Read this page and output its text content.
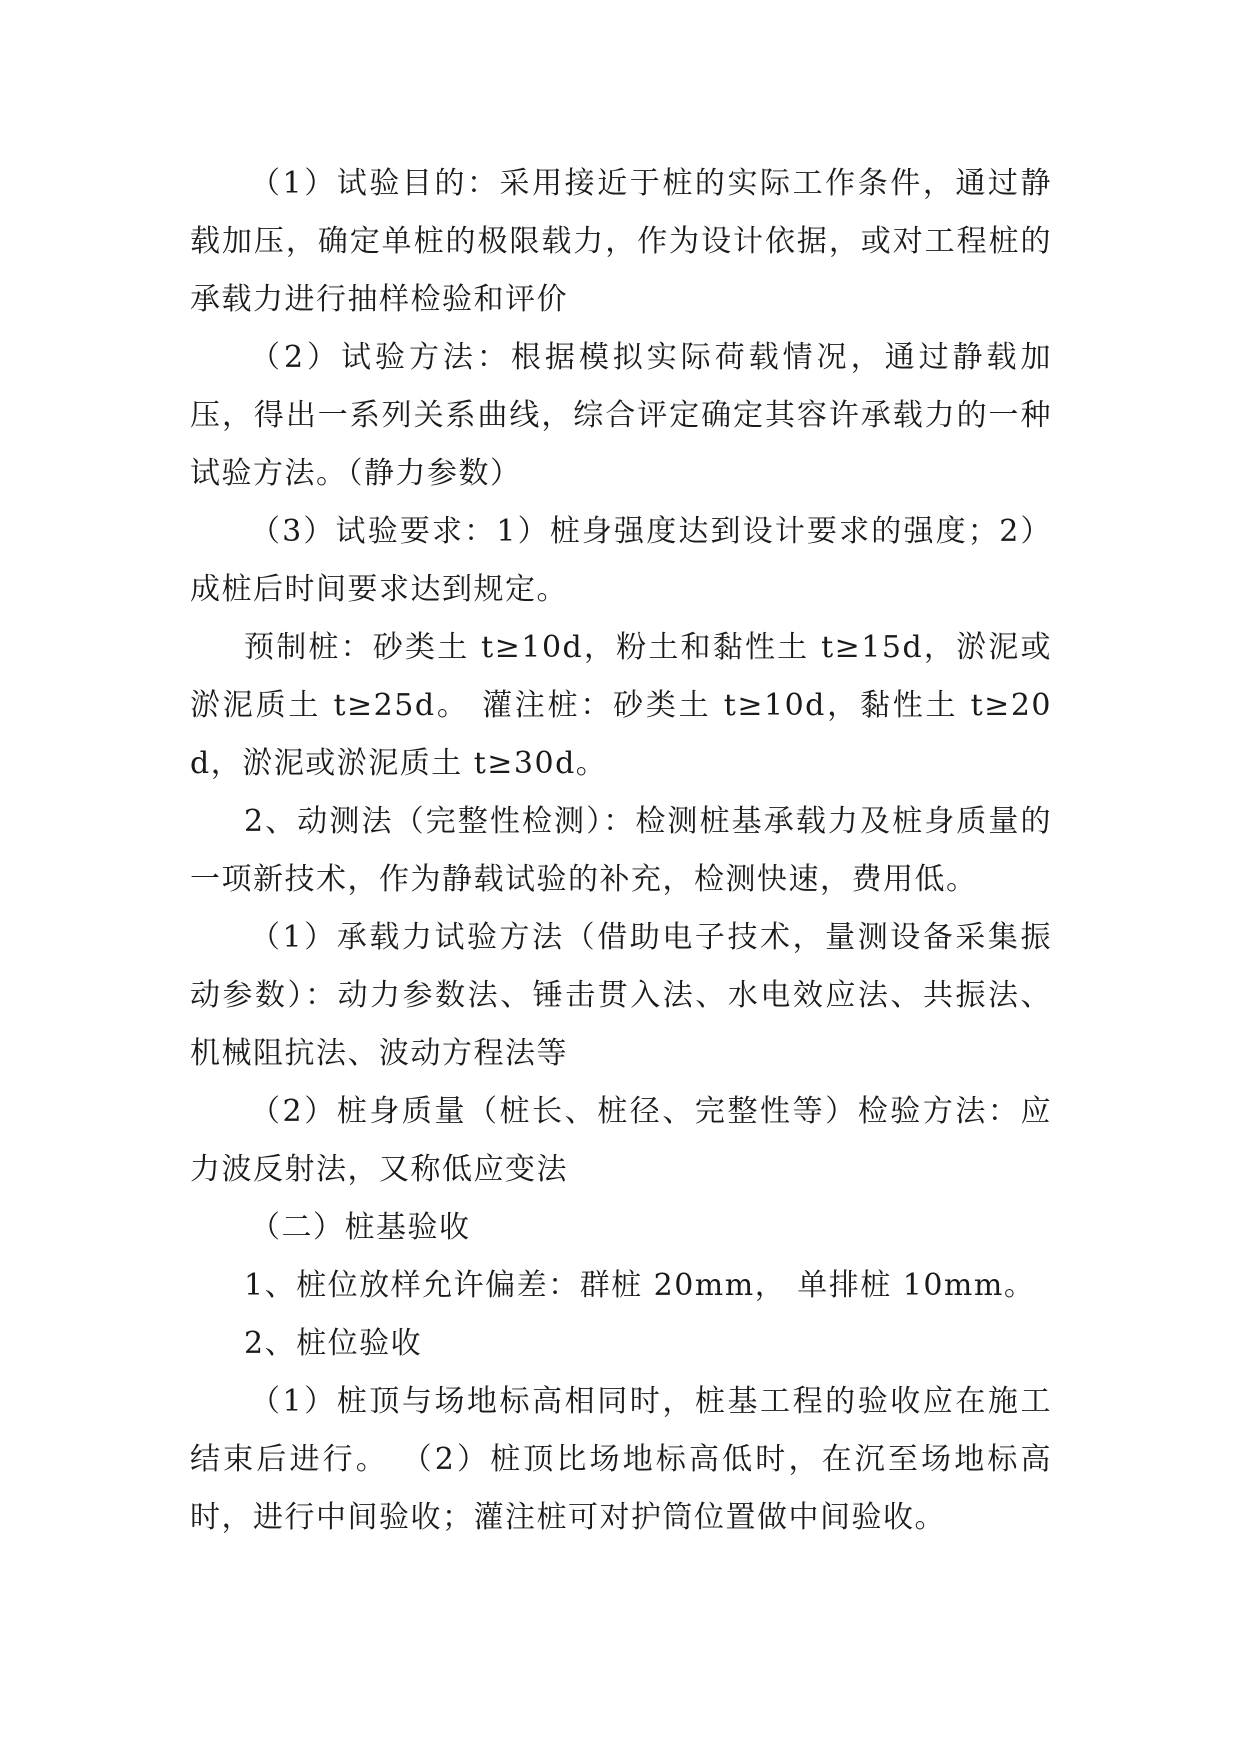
（1）试验目的：采用接近于桩的实际工作条件，通过静载加压，确定单桩的极限载力，作为设计依据，或对工程桩的承载力进行抽样检验和评价

（2）试验方法：根据模拟实际荷载情况，通过静载加压，得出一系列关系曲线，综合评定确定其容许承载力的一种试验方法。（静力参数）

（3）试验要求：1）桩身强度达到设计要求的强度；2）成桩后时间要求达到规定。

预制桩：砂类土 t≥10d，粉土和黏性土 t≥15d，淤泥或淤泥质土 t≥25d。 灌注桩：砂类土 t≥10d，黏性土 t≥20d，淤泥或淤泥质土 t≥30d。

2、动测法（完整性检测）：检测桩基承载力及桩身质量的一项新技术，作为静载试验的补充，检测快速，费用低。

（1）承载力试验方法（借助电子技术，量测设备采集振动参数）：动力参数法、锤击贯入法、水电效应法、共振法、机械阻抗法、波动方程法等

（2）桩身质量（桩长、桩径、完整性等）检验方法：应力波反射法，又称低应变法

（二）桩基验收

1、桩位放样允许偏差：群桩 20mm， 单排桩 10mm。

2、桩位验收

（1）桩顶与场地标高相同时，桩基工程的验收应在施工结束后进行。 （2）桩顶比场地标高低时，在沉至场地标高时，进行中间验收；灌注桩可对护筒位置做中间验收。
